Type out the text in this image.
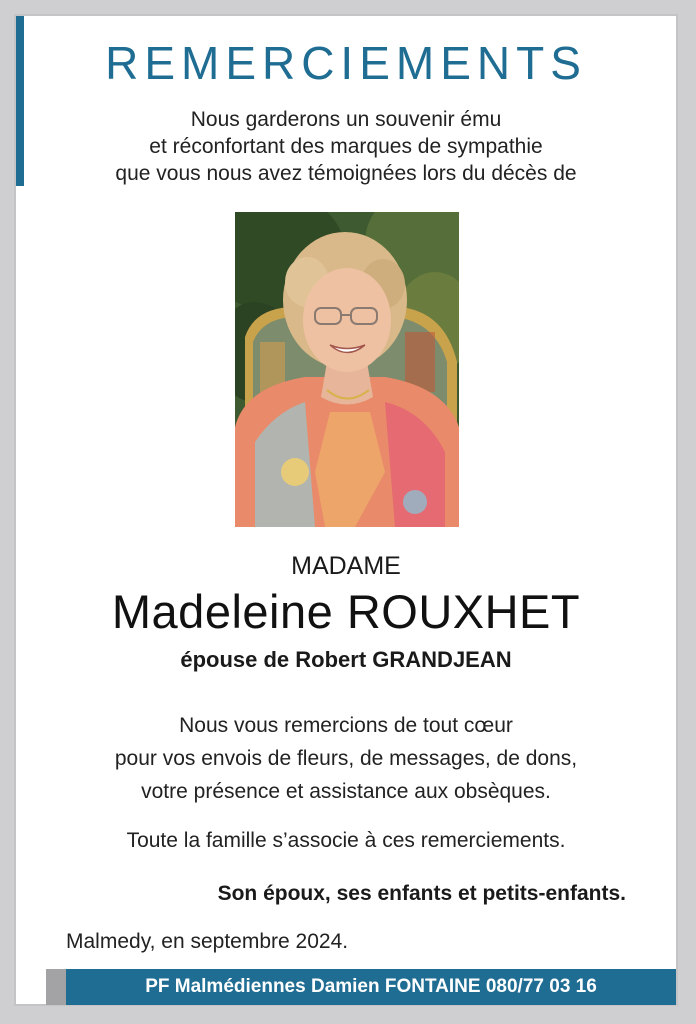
REMERCIEMENTS
Nous garderons un souvenir ému
et réconfortant des marques de sympathie
que vous nous avez témoignées lors du décès de
MADAME
Madeleine ROUXHET
épouse de Robert GRANDJEAN
Nous vous remercions de tout cœur
pour vos envois de fleurs, de messages, de dons,
votre présence et assistance aux obsèques.
Toute la famille s’associe à ces remerciements.
Son époux, ses enfants et petits-enfants.
Malmedy, en septembre 2024.
PF Malmédiennes Damien FONTAINE 080/77 03 16
